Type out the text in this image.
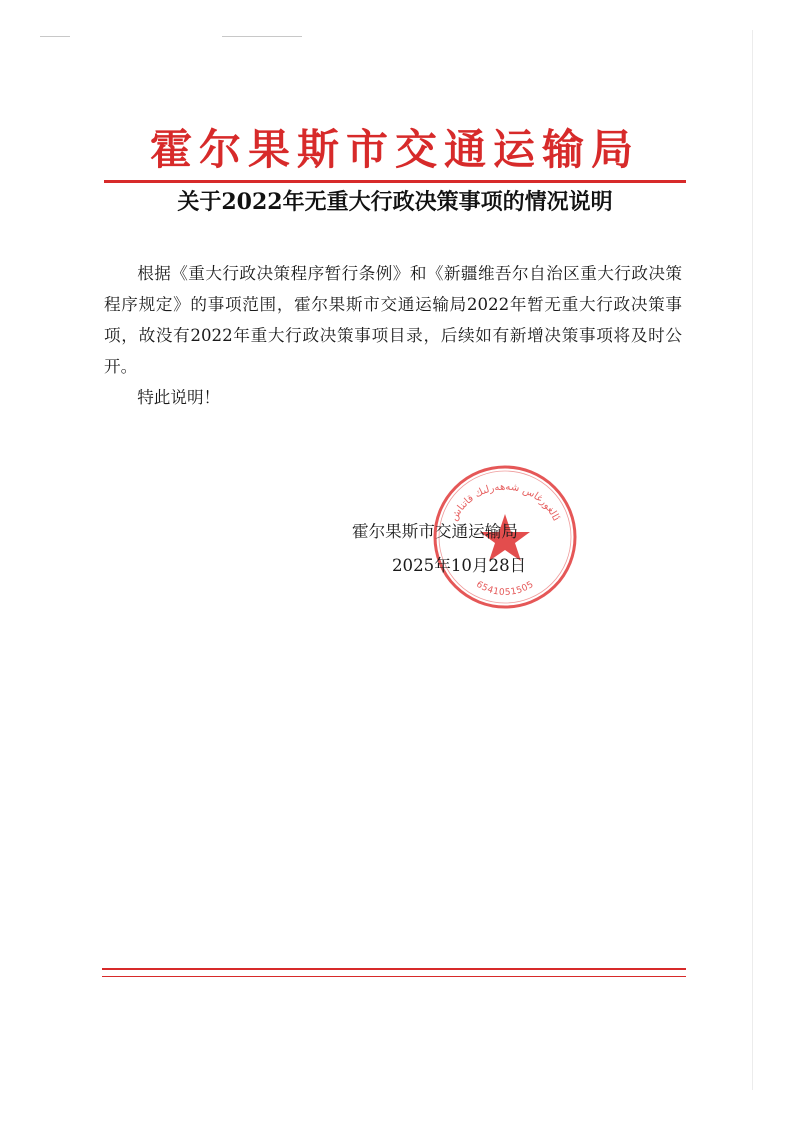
霍尔果斯市交通运输局
关于2022年无重大行政决策事项的情况说明

根据《重大行政决策程序暂行条例》和《新疆维吾尔自治区重大行政决策程序规定》的事项范围，霍尔果斯市交通运输局2022年暂无重大行政决策事项，故没有2022年重大行政决策事项目录，后续如有新增决策事项将及时公开。

特此说明！

ﯪﻟﻐﻮﺭﻏﺎﺱ ﺷﻪﮬﻪﺭﻟﯩﻚ ﻗﺎﺗﻨﺎﺵ
6541051505
霍尔果斯市交通运输局
2025年10月28日
